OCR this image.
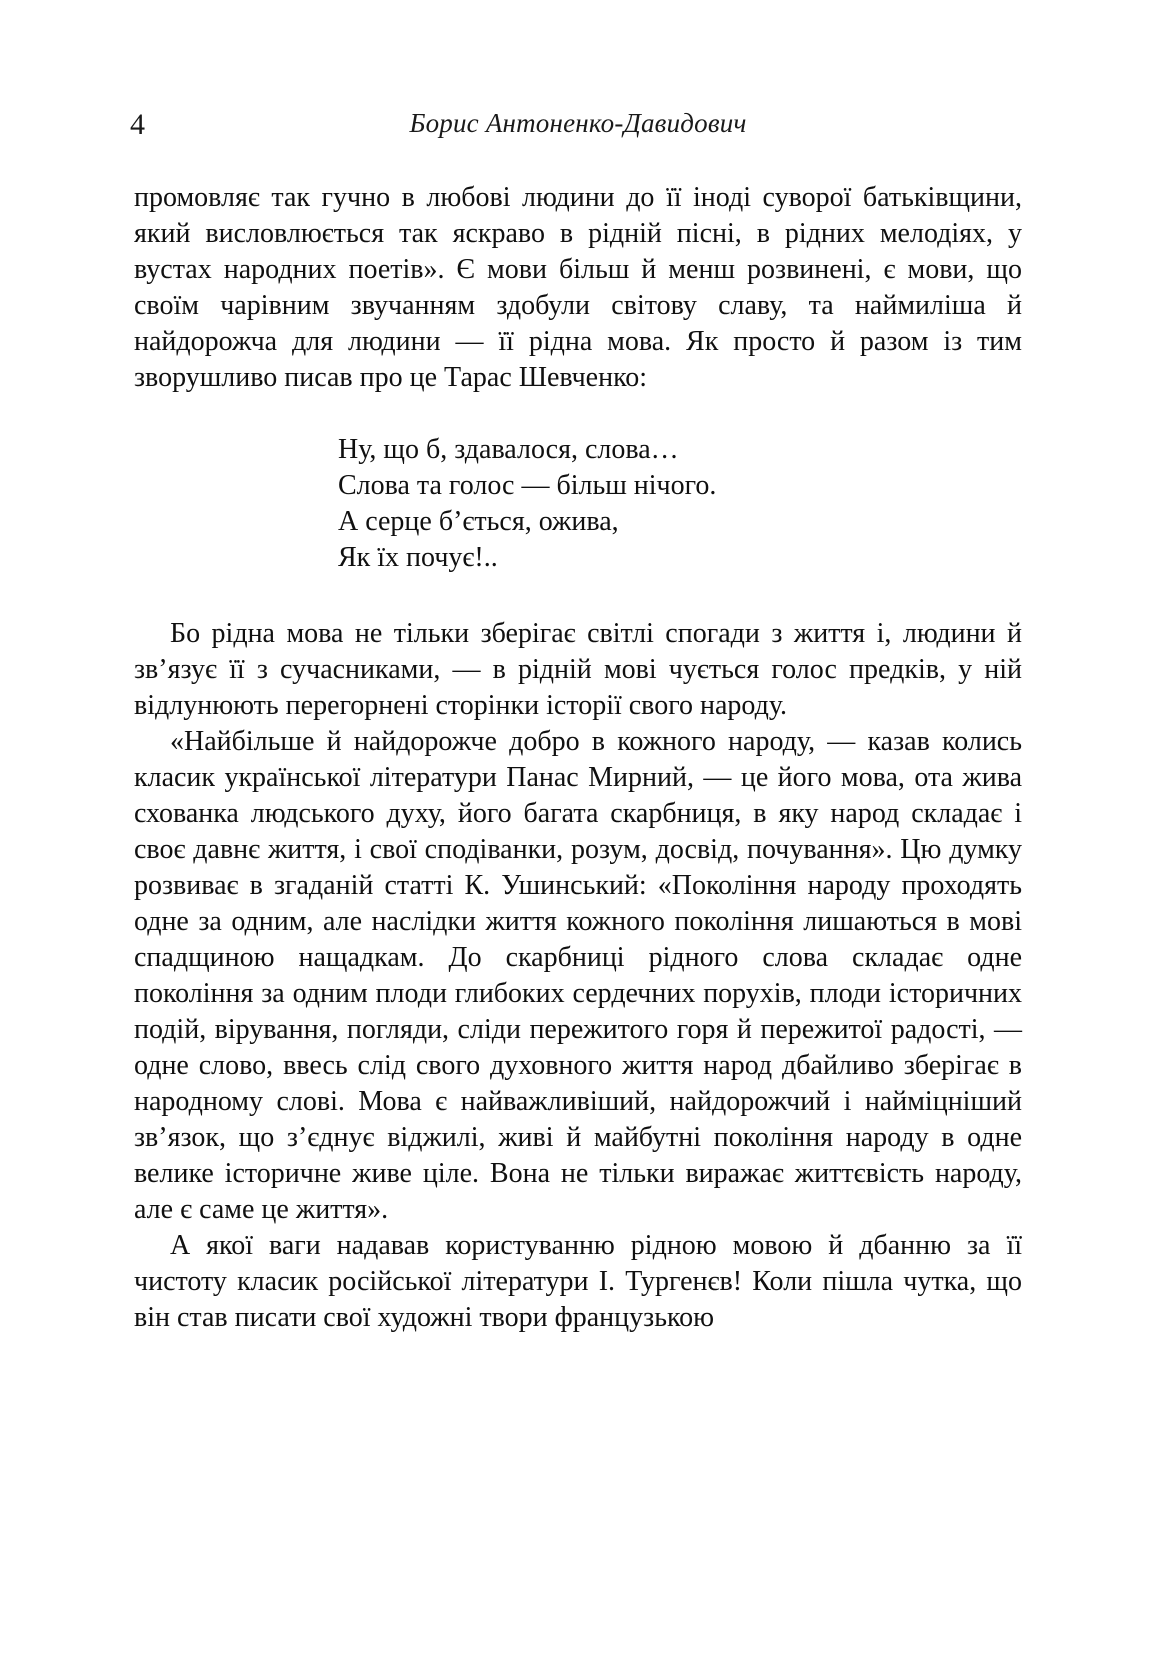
4	Борис Антоненко-Давидович

промовляє так гучно в любові людини до її іноді суворої батьківщини, який висловлюється так яскраво в рідній пісні, в рідних мелодіях, у вустах народних поетів». Є мови більш й менш розвинені, є мови, що своїм чарівним звучанням здобули світову славу, та наймиліша й найдорожча для людини — її рідна мова. Як просто й разом із тим зворушливо писав про це Тарас Шевченко:

Ну, що б, здавалося, слова…
Слова та голос — більш нічого.
А серце б’ється, ожива,
Як їх почує!..

Бо рідна мова не тільки зберігає світлі спогади з життя і, людини й зв’язує її з сучасниками, — в рідній мові чується голос предків, у ній відлунюють перегорнені сторінки історії свого народу.

«Найбільше й найдорожче добро в кожного народу, — казав колись класик української літератури Панас Мирний, — це його мова, ота жива схованка людського духу, його багата скарбниця, в яку народ складає і своє давнє життя, і свої сподіванки, розум, досвід, почування». Цю думку розвиває в згаданій статті К. Ушинський: «Покоління народу проходять одне за одним, але наслідки життя кожного покоління лишаються в мові спадщиною нащадкам. До скарбниці рідного слова складає одне покоління за одним плоди глибоких сердечних порухів, плоди історичних подій, вірування, погляди, сліди пережитого горя й пережитої радості, — одне слово, ввесь слід свого духовного життя народ дбайливо зберігає в народному слові. Мова є найважливіший, найдорожчий і найміцніший зв’язок, що з’єднує віджилі, живі й майбутні покоління народу в одне велике історичне живе ціле. Вона не тільки виражає життєвість народу, але є саме це життя».

А якої ваги надавав користуванню рідною мовою й дбанню за її чистоту класик російської літератури І. Тургенєв! Коли пішла чутка, що він став писати свої художні твори французькою
